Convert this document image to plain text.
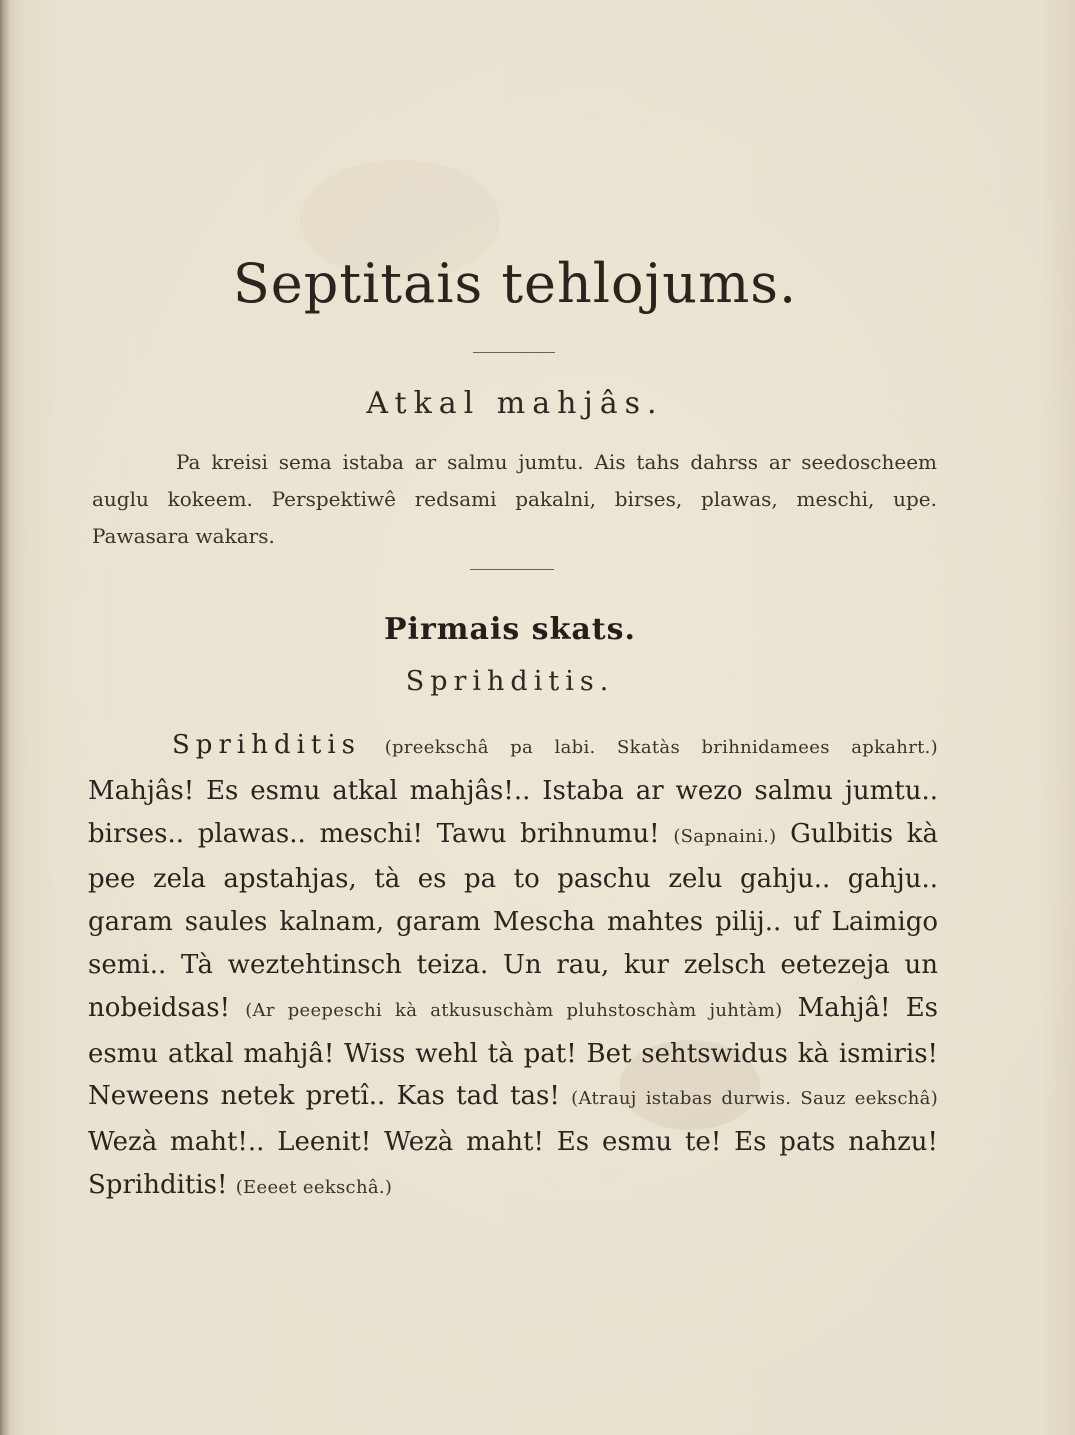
Septitais tehlojums.
Atkal mahjâs.
Pa kreisi sema istaba ar salmu jumtu. Ais tahs dahrss ar seedoscheem auglu kokeem. Perspektiwê redsami pakalni, birses, plawas, meschi, upe. Pawasara wakars.
Pirmais skats.
Sprihditis.
Sprihditis (preekschâ pa labi. Skatàs brihnidamees apkahrt.) Mahjâs! Es esmu atkal mahjâs!.. Istaba ar wezo salmu jumtu.. birses.. plawas.. meschi! Tawu brihnumu! (Sapnaini.) Gulbitis kà pee zela apstahjas, tà es pa to paschu zelu gahju.. gahju.. garam saules kalnam, garam Mescha mahtes pilij.. uf Laimigo semi.. Tà weztehtinsch teiza. Un rau, kur zelsch eetezeja un nobeidsas! (Ar peepeschi kà atkususchàm pluhstoschàm juhtàm) Mahjâ! Es esmu atkal mahjâ! Wiss wehl tà pat! Bet sehtswidus kà ismiris! Neweens netek pretî.. Kas tad tas! (Atrauj istabas durwis. Sauz eekschâ) Wezà maht!.. Leenit! Wezà maht! Es esmu te! Es pats nahzu! Sprihditis! (Eeeet eekschâ.)
